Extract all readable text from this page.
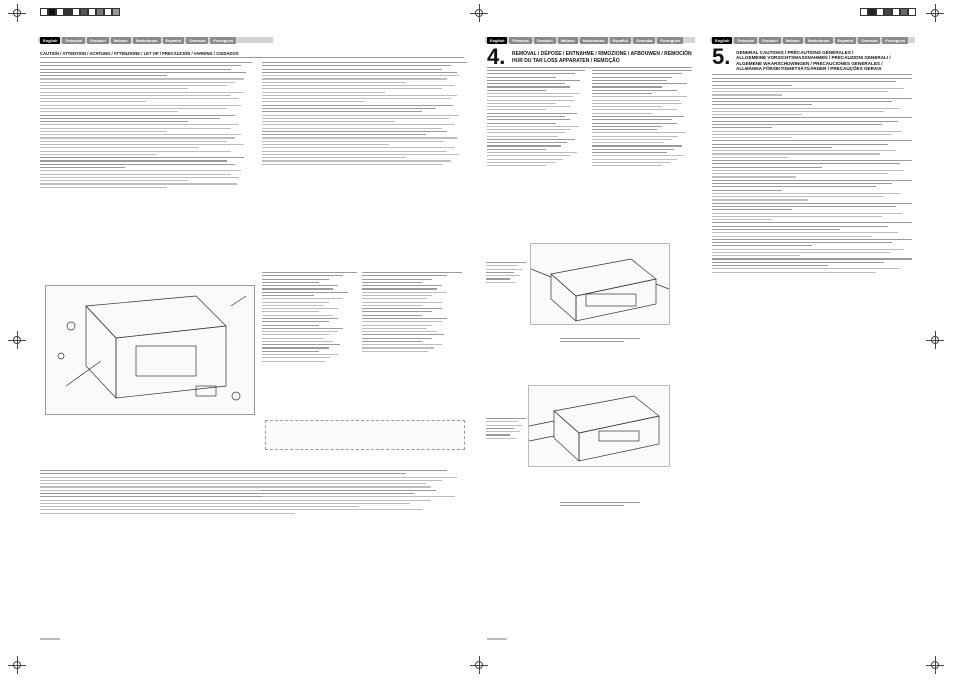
English	Français	Deutsch	Italiano	Nederlands	Español	Svenska	Português
CAUTION / ATTENTION / ACHTUNG / ATTENZIONE / LET OP / PRECAUCIÓN / VARNING / CUIDADOS
English	Français	Deutsch	Italiano	Nederlands	Español	Svenska	Português
4. REMOVAL / DÉPOSE / ENTNAHME / RIMOZIONE / AFBOUWEN / REMOCIÓN
HUR DU TAR LOSS APPARATEN / REMOÇÃO
English	Français	Deutsch	Italiano	Nederlands	Español	Svenska	Português
5. GENERAL CAUTIONS / PRÉCAUTIONS GÉNÉRALES /
ALLGEMEINE VORSICHTSMASSNAHMEN / PRECAUZIONI GENERALI /
ALGEMENE WAARSCHUWINGEN / PRECAUCIONES GENERALES /
ALLMÄNNA FÖRSIKTIGHETSÅTGÄRDER / PRECAUÇÕES GERAIS
